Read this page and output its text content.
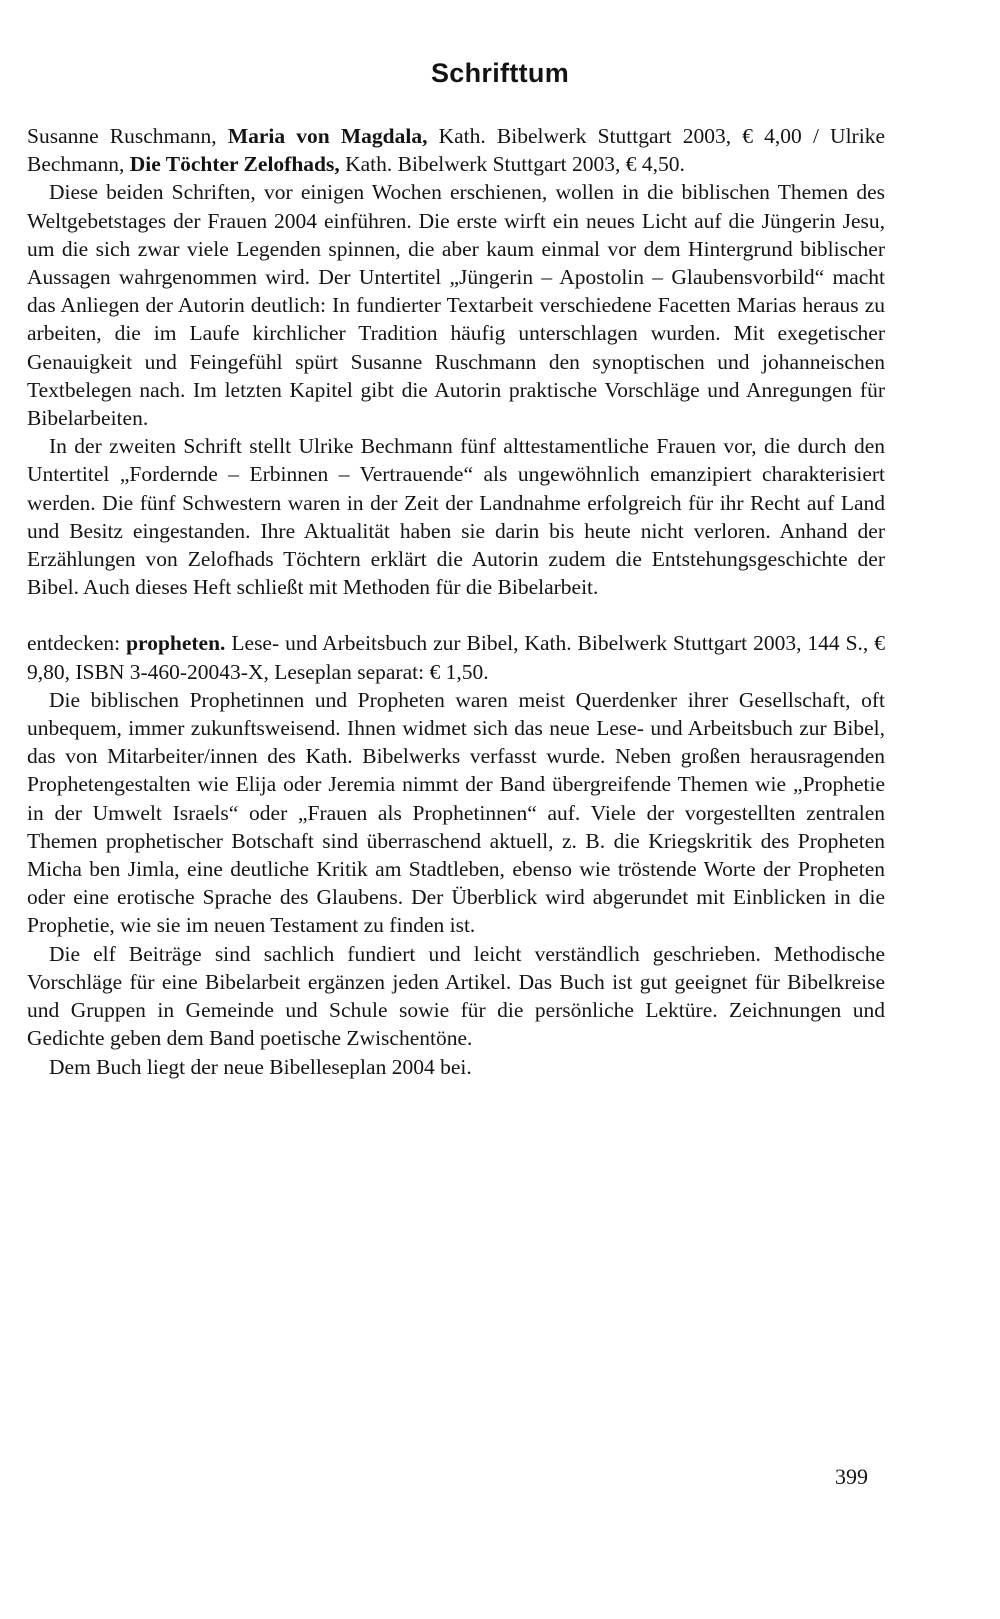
Schrifttum

Susanne Ruschmann, Maria von Magdala, Kath. Bibelwerk Stuttgart 2003, € 4,00 / Ulrike Bechmann, Die Töchter Zelofhads, Kath. Bibelwerk Stuttgart 2003, € 4,50.

Diese beiden Schriften, vor einigen Wochen erschienen, wollen in die biblischen Themen des Weltgebetstages der Frauen 2004 einführen. Die erste wirft ein neues Licht auf die Jüngerin Jesu, um die sich zwar viele Legenden spinnen, die aber kaum einmal vor dem Hintergrund biblischer Aussagen wahrgenommen wird. Der Untertitel „Jüngerin – Apostolin – Glaubensvorbild“ macht das Anliegen der Autorin deutlich: In fundierter Textarbeit verschiedene Facetten Marias heraus zu arbeiten, die im Laufe kirchlicher Tradition häufig unterschlagen wurden. Mit exegetischer Genauigkeit und Feingefühl spürt Susanne Ruschmann den synoptischen und johanneischen Textbelegen nach. Im letzten Kapitel gibt die Autorin praktische Vorschläge und Anregungen für Bibelarbeiten.

In der zweiten Schrift stellt Ulrike Bechmann fünf alttestamentliche Frauen vor, die durch den Untertitel „Fordernde – Erbinnen – Vertrauende“ als ungewöhnlich emanzipiert charakterisiert werden. Die fünf Schwestern waren in der Zeit der Landnahme erfolgreich für ihr Recht auf Land und Besitz eingestanden. Ihre Aktualität haben sie darin bis heute nicht verloren. Anhand der Erzählungen von Zelofhads Töchtern erklärt die Autorin zudem die Entstehungsgeschichte der Bibel. Auch dieses Heft schließt mit Methoden für die Bibelarbeit.

entdecken: propheten. Lese- und Arbeitsbuch zur Bibel, Kath. Bibelwerk Stuttgart 2003, 144 S., € 9,80, ISBN 3-460-20043-X, Leseplan separat: € 1,50.

Die biblischen Prophetinnen und Propheten waren meist Querdenker ihrer Gesellschaft, oft unbequem, immer zukunftsweisend. Ihnen widmet sich das neue Lese- und Arbeitsbuch zur Bibel, das von Mitarbeiter/innen des Kath. Bibelwerks verfasst wurde. Neben großen herausragenden Prophetengestalten wie Elija oder Jeremia nimmt der Band übergreifende Themen wie „Prophetie in der Umwelt Israels“ oder „Frauen als Prophetinnen“ auf. Viele der vorgestellten zentralen Themen prophetischer Botschaft sind überraschend aktuell, z. B. die Kriegskritik des Propheten Micha ben Jimla, eine deutliche Kritik am Stadtleben, ebenso wie tröstende Worte der Propheten oder eine erotische Sprache des Glaubens. Der Überblick wird abgerundet mit Einblicken in die Prophetie, wie sie im neuen Testament zu finden ist.

Die elf Beiträge sind sachlich fundiert und leicht verständlich geschrieben. Methodische Vorschläge für eine Bibelarbeit ergänzen jeden Artikel. Das Buch ist gut geeignet für Bibelkreise und Gruppen in Gemeinde und Schule sowie für die persönliche Lektüre. Zeichnungen und Gedichte geben dem Band poetische Zwischentöne.

Dem Buch liegt der neue Bibelleseplan 2004 bei.

399
